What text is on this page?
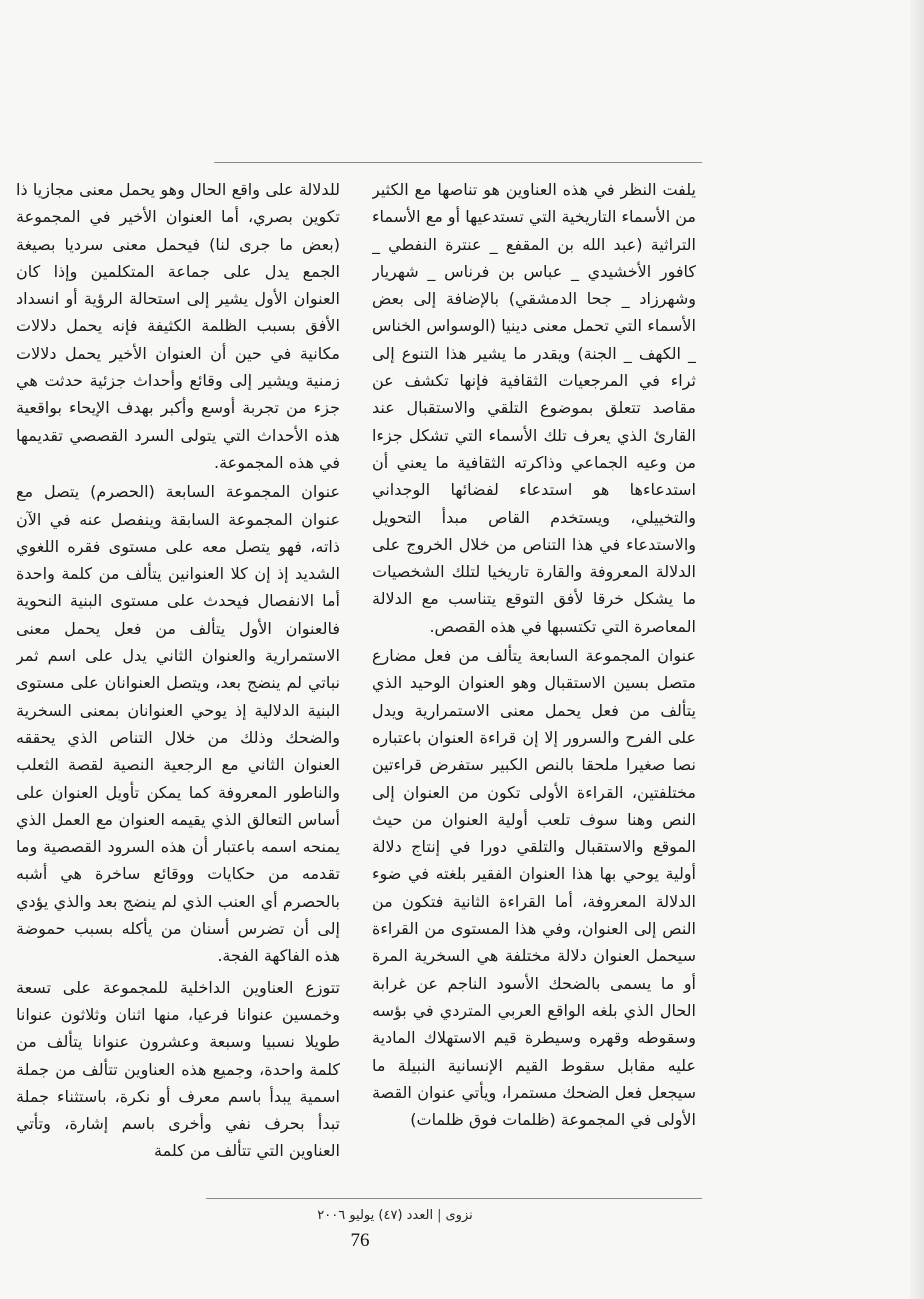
يلفت النظر في هذه العناوين هو تناصها مع الكثير من الأسماء التاريخية التي تستدعيها أو مع الأسماء التراثية (عبد الله بن المقفع _ عنترة النفطي _ كافور الأخشيدي _ عباس بن فرناس _ شهريار وشهرزاد _ جحا الدمشقي) بالإضافة إلى بعض الأسماء التي تحمل معنى دينيا (الوسواس الخناس _ الكهف _ الجنة) ويقدر ما يشير هذا التنوع إلى ثراء في المرجعيات الثقافية فإنها تكشف عن مقاصد تتعلق بموضوع التلقي والاستقبال عند القارئ الذي يعرف تلك الأسماء التي تشكل جزءا من وعيه الجماعي وذاكرته الثقافية ما يعني أن استدعاءها هو استدعاء لفضائها الوجداني والتخييلي، ويستخدم القاص مبدأ التحويل والاستدعاء في هذا التناص من خلال الخروج على الدلالة المعروفة والقارة تاريخيا لتلك الشخصيات ما يشكل خرقا لأفق التوقع يتناسب مع الدلالة المعاصرة التي تكتسبها في هذه القصص.

عنوان المجموعة السابعة يتألف من فعل مضارع متصل بسين الاستقبال وهو العنوان الوحيد الذي يتألف من فعل يحمل معنى الاستمرارية ويدل على الفرح والسرور إلا إن قراءة العنوان باعتباره نصا صغيرا ملحقا بالنص الكبير ستفرض قراءتين مختلفتين، القراءة الأولى تكون من العنوان إلى النص وهنا سوف تلعب أولية العنوان من حيث الموقع والاستقبال والتلقي دورا في إنتاج دلالة أولية يوحي بها هذا العنوان الفقير بلغته في ضوء الدلالة المعروفة، أما القراءة الثانية فتكون من النص إلى العنوان، وفي هذا المستوى من القراءة سيحمل العنوان دلالة مختلفة هي السخرية المرة أو ما يسمى بالضحك الأسود الناجم عن غرابة الحال الذي بلغه الواقع العربي المتردي في بؤسه وسقوطه وقهره وسيطرة قيم الاستهلاك المادية عليه مقابل سقوط القيم الإنسانية النبيلة ما سيجعل فعل الضحك مستمرا، ويأتي عنوان القصة الأولى في المجموعة (ظلمات فوق ظلمات)

للدلالة على واقع الحال وهو يحمل معنى مجازيا ذا تكوين بصري، أما العنوان الأخير في المجموعة (بعض ما جرى لنا) فيحمل معنى سرديا بصيغة الجمع يدل على جماعة المتكلمين وإذا كان العنوان الأول يشير إلى استحالة الرؤية أو انسداد الأفق بسبب الظلمة الكثيفة فإنه يحمل دلالات مكانية في حين أن العنوان الأخير يحمل دلالات زمنية ويشير إلى وقائع وأحداث جزئية حدثت هي جزء من تجربة أوسع وأكبر بهدف الإيحاء بواقعية هذه الأحداث التي يتولى السرد القصصي تقديمها في هذه المجموعة.

عنوان المجموعة السابعة (الحصرم) يتصل مع عنوان المجموعة السابقة وينفصل عنه في الآن ذاته، فهو يتصل معه على مستوى فقره اللغوي الشديد إذ إن كلا العنوانين يتألف من كلمة واحدة أما الانفصال فيحدث على مستوى البنية النحوية فالعنوان الأول يتألف من فعل يحمل معنى الاستمرارية والعنوان الثاني يدل على اسم ثمر نباتي لم ينضج بعد، ويتصل العنوانان على مستوى البنية الدلالية إذ يوحي العنوانان بمعنى السخرية والضحك وذلك من خلال التناص الذي يحققه العنوان الثاني مع الرجعية النصية لقصة الثعلب والناطور المعروفة كما يمكن تأويل العنوان على أساس التعالق الذي يقيمه العنوان مع العمل الذي يمنحه اسمه باعتبار أن هذه السرود القصصية وما تقدمه من حكايات ووقائع ساخرة هي أشبه بالحصرم أي العنب الذي لم ينضج بعد والذي يؤدي إلى أن تضرس أسنان من يأكله بسبب حموضة هذه الفاكهة الفجة.

تتوزع العناوين الداخلية للمجموعة على تسعة وخمسين عنوانا فرعيا، منها اثنان وثلاثون عنوانا طويلا نسبيا وسبعة وعشرون عنوانا يتألف من كلمة واحدة، وجميع هذه العناوين تتألف من جملة اسمية يبدأ باسم معرف أو نكرة، باستثناء جملة تبدأ بحرف نفي وأخرى باسم إشارة، وتأتي العناوين التي تتألف من كلمة

نزوى|العدد (٤٧) يوليو ٢٠٠٦
76
